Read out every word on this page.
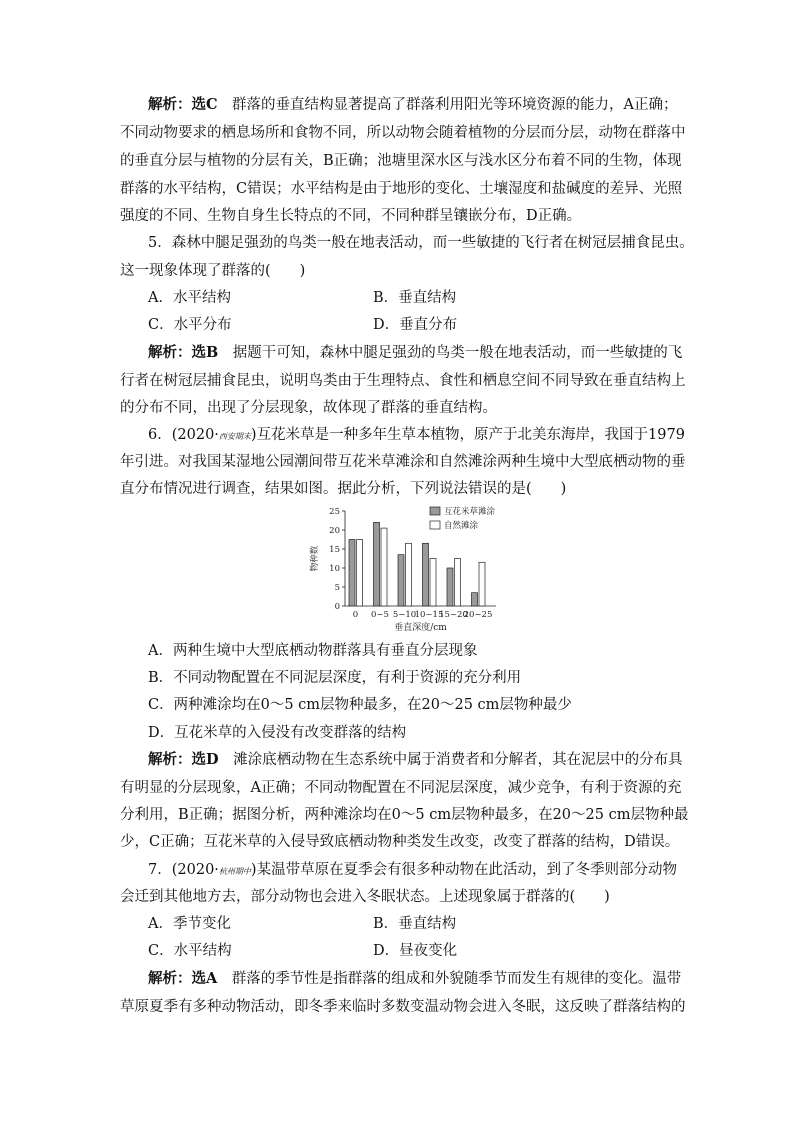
解析：选C　 群落的垂直结构显著提高了群落利用阳光等环境资源的能力，A正确；
不同动物要求的栖息场所和食物不同，所以动物会随着植物的分层而分层，动物在群落中
的垂直分层与植物的分层有关，B正确；池塘里深水区与浅水区分布着不同的生物，体现
群落的水平结构，C错误；水平结构是由于地形的变化、土壤湿度和盐碱度的差异、光照
强度的不同、生物自身生长特点的不同，不同种群呈镶嵌分布，D正确。
5．森林中腿足强劲的鸟类一般在地表活动，而一些敏捷的飞行者在树冠层捕食昆虫。
这一现象体现了群落的(　　)
A．水平结构	B．垂直结构
C．水平分布	D．垂直分布
解析：选B　 据题干可知，森林中腿足强劲的鸟类一般在地表活动，而一些敏捷的飞
行者在树冠层捕食昆虫，说明鸟类由于生理特点、食性和栖息空间不同导致在垂直结构上
的分布不同，出现了分层现象，故体现了群落的垂直结构。
6．(2020·西安期末)互花米草是一种多年生草本植物，原产于北美东海岸，我国于1979
年引进。对我国某湿地公园潮间带互花米草滩涂和自然滩涂两种生境中大型底栖动物的垂
直分布情况进行调查，结果如图。据此分析，下列说法错误的是(　　)
0
5
10
15
20
25
0 0~5 5~10
10~15
15~20
20~25
物种数
垂直深度/cm
互花米草滩涂
自然滩涂
A．两种生境中大型底栖动物群落具有垂直分层现象
B．不同动物配置在不同泥层深度，有利于资源的充分利用
C．两种滩涂均在0～5 cm层物种最多，在20～25 cm层物种最少
D．互花米草的入侵没有改变群落的结构
解析：选D　 滩涂底栖动物在生态系统中属于消费者和分解者，其在泥层中的分布具
有明显的分层现象，A正确；不同动物配置在不同泥层深度，减少竞争，有利于资源的充
分利用，B正确；据图分析，两种滩涂均在0～5 cm层物种最多，在20～25 cm层物种最
少，C正确；互花米草的入侵导致底栖动物种类发生改变，改变了群落的结构，D错误。
7．(2020·杭州期中)某温带草原在夏季会有很多种动物在此活动，到了冬季则部分动物
会迁到其他地方去，部分动物也会进入冬眠状态。上述现象属于群落的(　　)
A．季节变化	B．垂直结构
C．水平结构	D．昼夜变化
解析：选A　 群落的季节性是指群落的组成和外貌随季节而发生有规律的变化。温带
草原夏季有多种动物活动，即冬季来临时多数变温动物会进入冬眠，这反映了群落结构的
